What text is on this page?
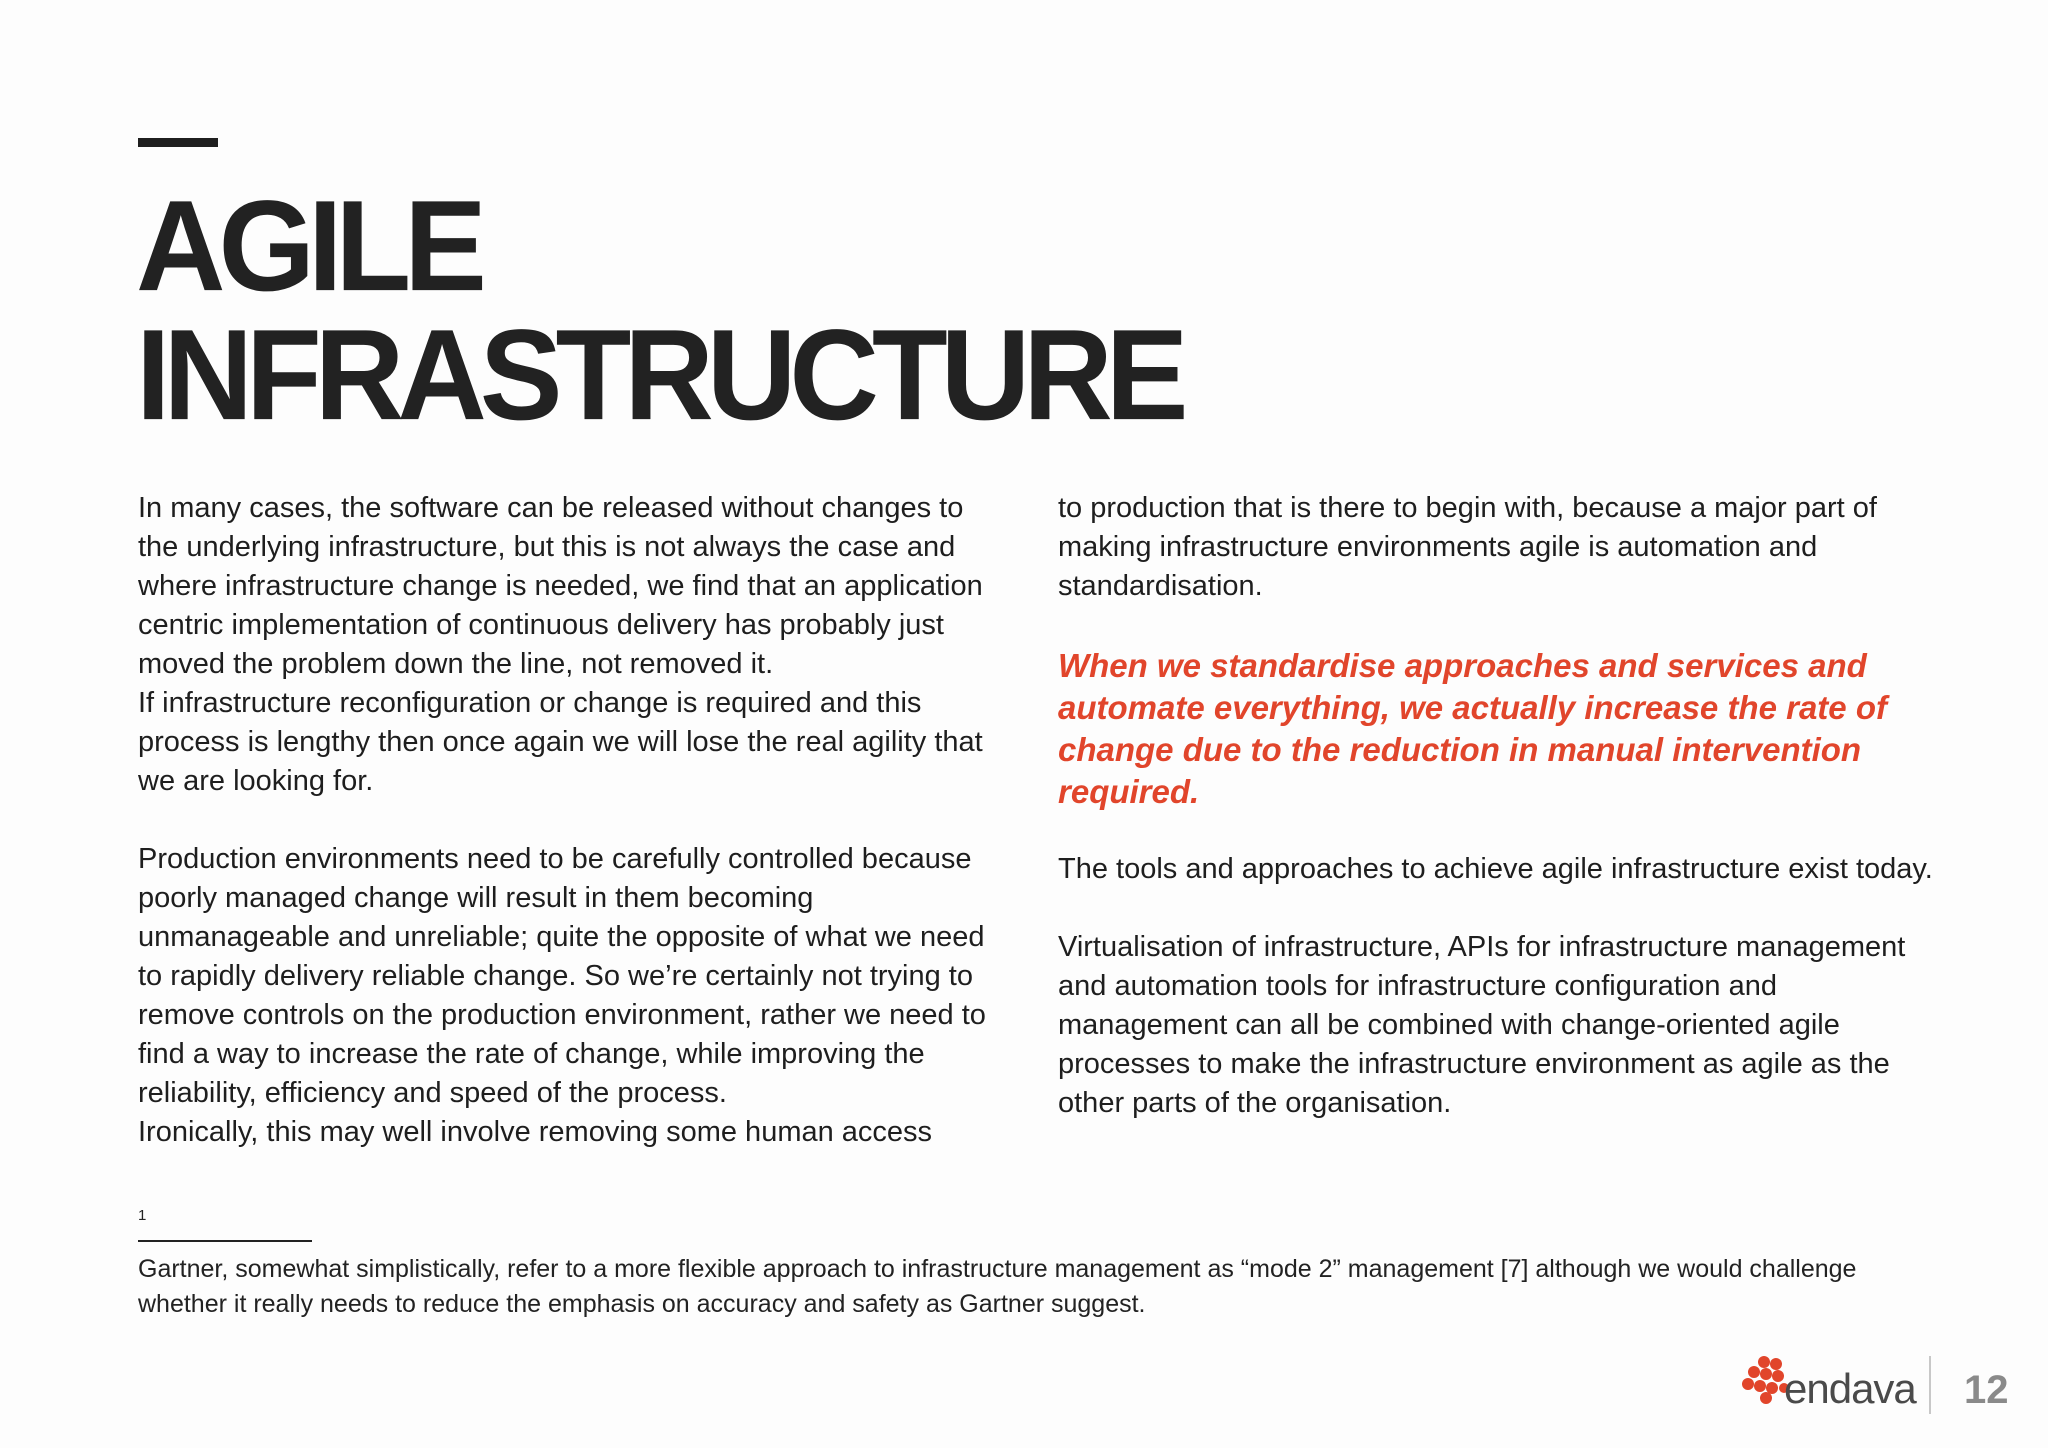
AGILE
INFRASTRUCTURE

In many cases, the software can be released without changes to the underlying infrastructure, but this is not always the case and where infrastructure change is needed, we find that an application centric implementation of continuous delivery has probably just moved the problem down the line, not removed it.

If infrastructure reconfiguration or change is required and this process is lengthy then once again we will lose the real agility that we are looking for.

Production environments need to be carefully controlled because poorly managed change will result in them becoming unmanageable and unreliable; quite the opposite of what we need to rapidly delivery reliable change. So we’re certainly not trying to remove controls on the production environment, rather we need to find a way to increase the rate of change, while improving the reliability, efficiency and speed of the process.

Ironically, this may well involve removing some human access

to production that is there to begin with, because a major part of making infrastructure environments agile is automation and standardisation.

When we standardise approaches and services and automate everything, we actually increase the rate of change due to the reduction in manual intervention required.

The tools and approaches to achieve agile infrastructure exist today.

Virtualisation of infrastructure, APIs for infrastructure management and automation tools for infrastructure configuration and management can all be combined with change-oriented agile processes to make the infrastructure environment as agile as the other parts of the organisation.

1
Gartner, somewhat simplistically, refer to a more flexible approach to infrastructure management as “mode 2” management [7] although we would challenge whether it really needs to reduce the emphasis on accuracy and safety as Gartner suggest.
endava 12
